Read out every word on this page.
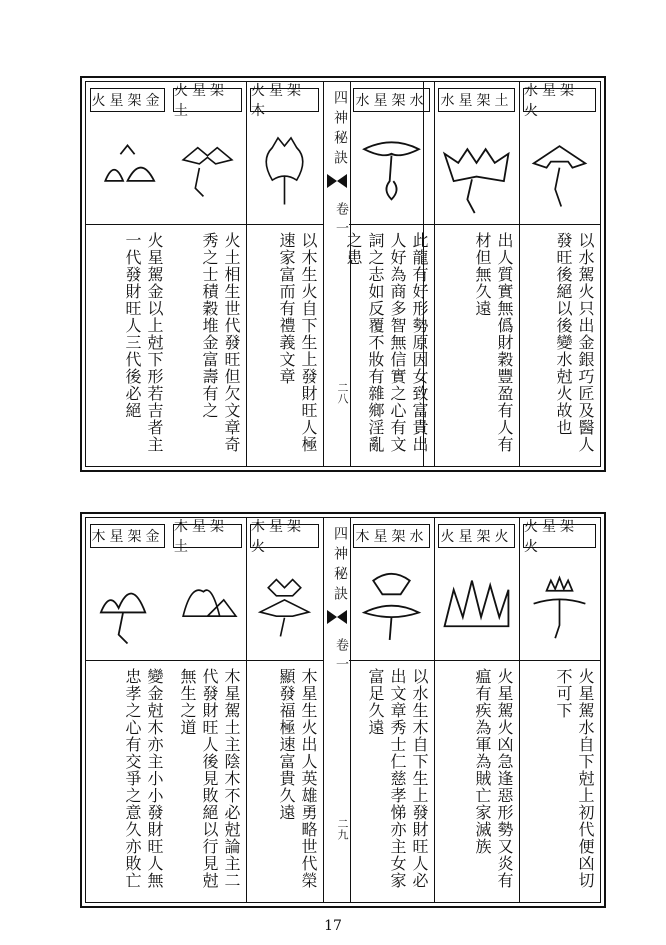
水星架火
以水駕火只出金銀巧匠及醫人發旺後絕以後變水尅火故也
水星架土
出人質實無僞財穀豐盈有人有材但無久遠
水星架水
此龍有好形勢原因女致富貴出人好為商多智無信實之心有文詞之志如反覆不妝有雜鄉淫亂之患
四神秘訣
卷一
二八
火星架木
以木生火自下生上發財旺人極速家富而有禮義文章
火星架土
火土相生世代發旺但欠文章奇秀之士積穀堆金富壽有之
火星架金
火星駕金以上尅下形若吉者主一代發財旺人三代後必絕
火星架火
火星駕水自下尅上初代便凶切不可下
火星架火
火星駕火凶急逢惡形勢又炎有瘟有疾為軍為賊亡家滅族
木星架水
以水生木自下生上發財旺人必出文章秀士仁慈孝悌亦主女家富足久遠
四神秘訣
卷一
二九
木星架火
木星生火出人英雄勇略世代榮顯發福極速富貴久遠
木星架土
木星駕土主陰木不必尅論主二代發財旺人後見敗絕以行見尅無生之道
木星架金
變金尅木亦主小小發財旺人無忠孝之心有交爭之意久亦敗亡
17
